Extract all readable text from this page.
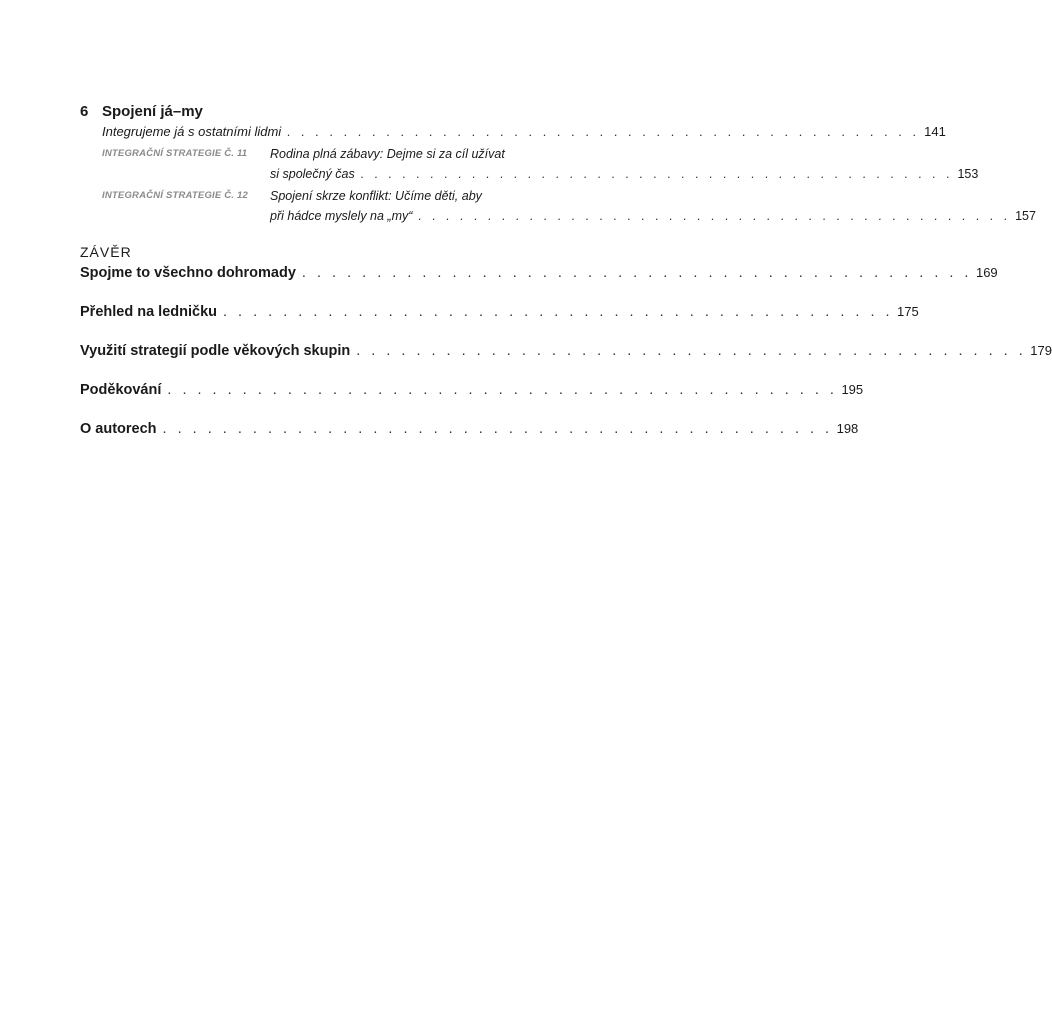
6 Spojení já–my
Integrujeme já s ostatními lidmi . . . . . . . . . . . . . . . . . . . . . . . . . . . . . . . . . . . . . . . . . . . . . 141
INTEGRAČNÍ STRATEGIE Č. 11	Rodina plná zábavy: Dejme si za cíl užívat
si společný čas . . . . . . . . . . . . . . . . . . . . . . . . . . . . . . . . . . . . . . . . . . . 153
INTEGRAČNÍ STRATEGIE Č. 12	Spojení skrze konflikt: Učíme děti, aby
při hádce myslely na „my“ . . . . . . . . . . . . . . . . . . . . . . . . . . . . . . . . . . . . . . . . . . . 157
ZÁVĚR
Spojme to všechno dohromady . . . . . . . . . . . . . . . . . . . . . . . . . . . . . . . . . . . . . . . . . . . . . 169
Přehled na ledničku . . . . . . . . . . . . . . . . . . . . . . . . . . . . . . . . . . . . . . . . . . . . . 175
Využití strategií podle věkových skupin . . . . . . . . . . . . . . . . . . . . . . . . . . . . . . . . . . . . . . . . . . . . . 179
Poděkování . . . . . . . . . . . . . . . . . . . . . . . . . . . . . . . . . . . . . . . . . . . . . 195
O autorech . . . . . . . . . . . . . . . . . . . . . . . . . . . . . . . . . . . . . . . . . . . . . 198
